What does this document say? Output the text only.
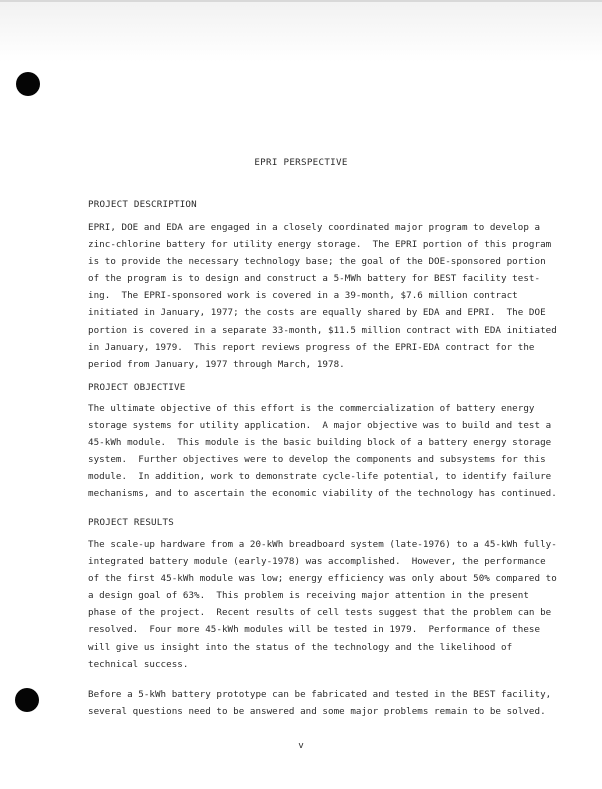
EPRI PERSPECTIVE
PROJECT DESCRIPTION
EPRI, DOE and EDA are engaged in a closely coordinated major program to develop a
zinc-chlorine battery for utility energy storage.  The EPRI portion of this program
is to provide the necessary technology base; the goal of the DOE-sponsored portion
of the program is to design and construct a 5-MWh battery for BEST facility test-
ing.  The EPRI-sponsored work is covered in a 39-month, $7.6 million contract
initiated in January, 1977; the costs are equally shared by EDA and EPRI.  The DOE
portion is covered in a separate 33-month, $11.5 million contract with EDA initiated
in January, 1979.  This report reviews progress of the EPRI-EDA contract for the
period from January, 1977 through March, 1978.
PROJECT OBJECTIVE
The ultimate objective of this effort is the commercialization of battery energy
storage systems for utility application.  A major objective was to build and test a
45-kWh module.  This module is the basic building block of a battery energy storage
system.  Further objectives were to develop the components and subsystems for this
module.  In addition, work to demonstrate cycle-life potential, to identify failure
mechanisms, and to ascertain the economic viability of the technology has continued.
PROJECT RESULTS
The scale-up hardware from a 20-kWh breadboard system (late-1976) to a 45-kWh fully-
integrated battery module (early-1978) was accomplished.  However, the performance
of the first 45-kWh module was low; energy efficiency was only about 50% compared to
a design goal of 63%.  This problem is receiving major attention in the present
phase of the project.  Recent results of cell tests suggest that the problem can be
resolved.  Four more 45-kWh modules will be tested in 1979.  Performance of these
will give us insight into the status of the technology and the likelihood of
technical success.
Before a 5-kWh battery prototype can be fabricated and tested in the BEST facility,
several questions need to be answered and some major problems remain to be solved.
v
